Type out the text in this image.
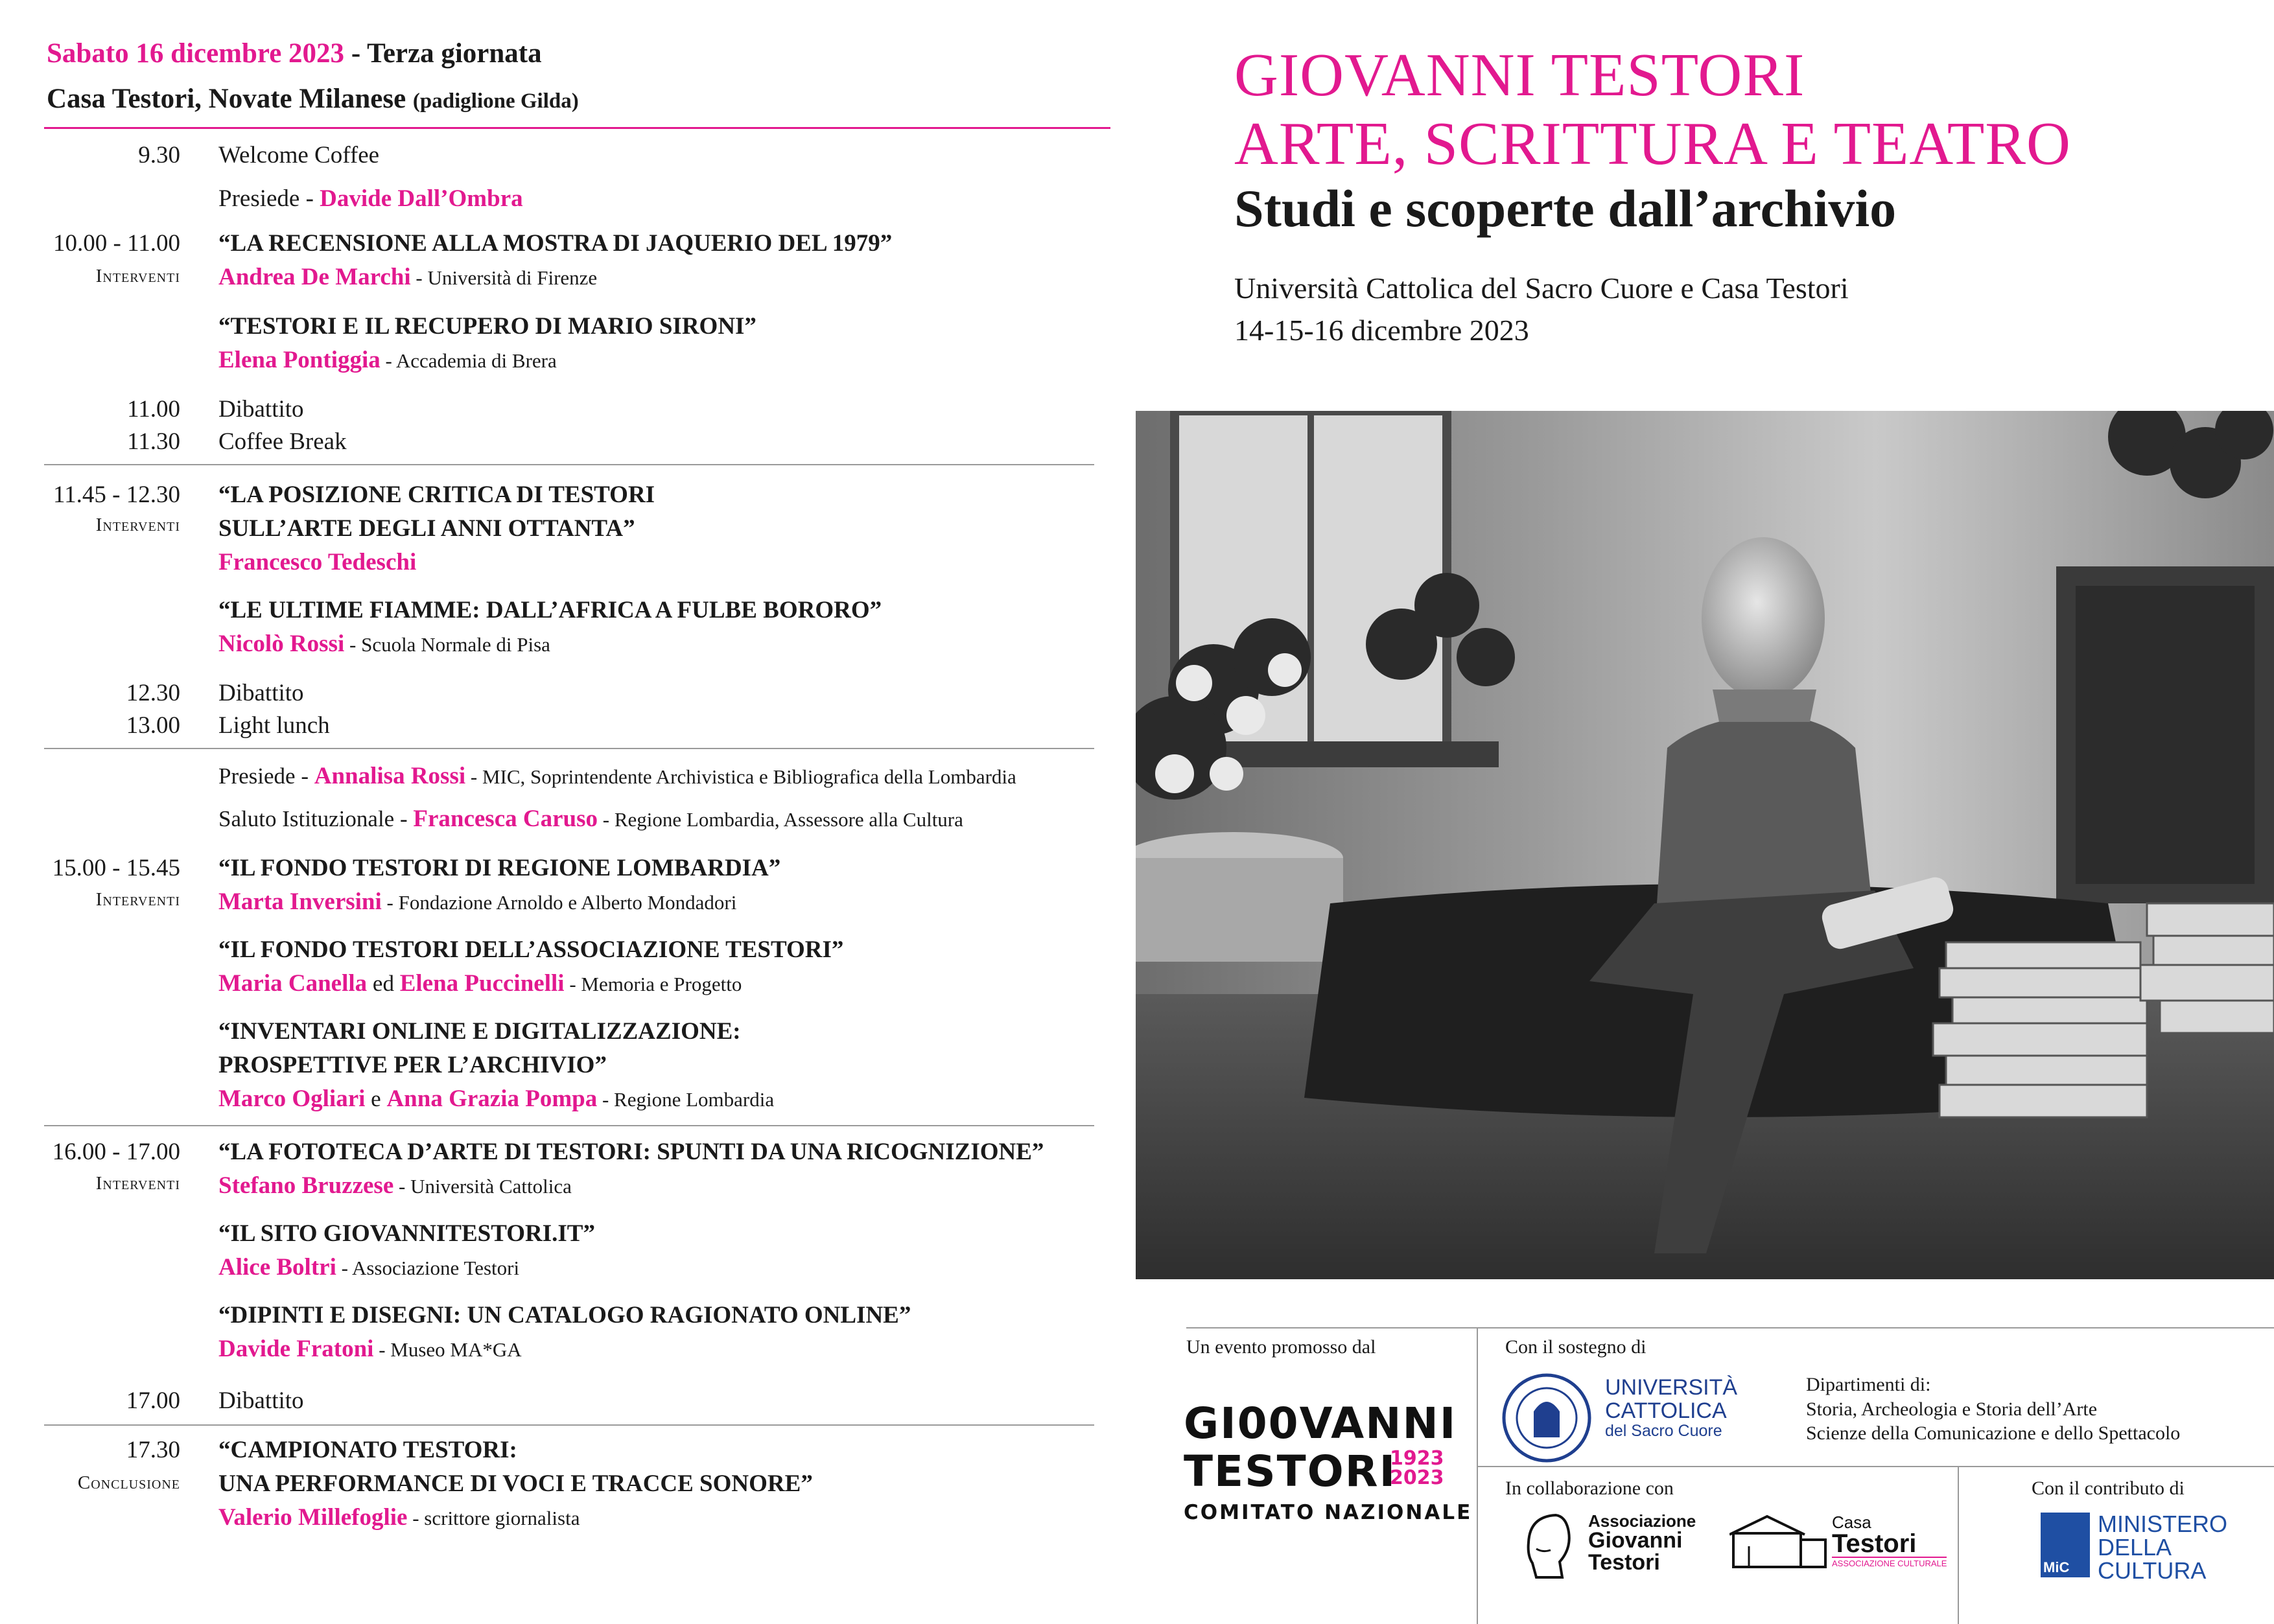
Sabato 16 dicembre 2023 - Terza giornata
Casa Testori, Novate Milanese (padiglione Gilda)
9.30 Welcome Coffee
Presiede - Davide Dall’Ombra
10.00 - 11.00
Interventi
“LA RECENSIONE ALLA MOSTRA DI JAQUERIO DEL 1979”
Andrea De Marchi - Università di Firenze
“TESTORI E IL RECUPERO DI MARIO SIRONI”
Elena Pontiggia - Accademia di Brera
11.00 Dibattito
11.30 Coffee Break
11.45 - 12.30
Interventi
“LA POSIZIONE CRITICA DI TESTORI
SULL’ARTE DEGLI ANNI OTTANTA”
Francesco Tedeschi
“LE ULTIME FIAMME: DALL’AFRICA A FULBE BORORO”
Nicolò Rossi - Scuola Normale di Pisa
12.30 Dibattito
13.00 Light lunch
Presiede - Annalisa Rossi - MIC, Soprintendente Archivistica e Bibliografica della Lombardia
Saluto Istituzionale - Francesca Caruso - Regione Lombardia, Assessore alla Cultura
15.00 - 15.45
Interventi
“IL FONDO TESTORI DI REGIONE LOMBARDIA”
Marta Inversini - Fondazione Arnoldo e Alberto Mondadori
“IL FONDO TESTORI DELL’ASSOCIAZIONE TESTORI”
Maria Canella ed Elena Puccinelli - Memoria e Progetto
“INVENTARI ONLINE E DIGITALIZZAZIONE:
PROSPETTIVE PER L’ARCHIVIO”
Marco Ogliari e Anna Grazia Pompa - Regione Lombardia
16.00 - 17.00
Interventi
“LA FOTOTECA D’ARTE DI TESTORI: SPUNTI DA UNA RICOGNIZIONE”
Stefano Bruzzese - Università Cattolica
“IL SITO GIOVANNITESTORI.IT”
Alice Boltri - Associazione Testori
“DIPINTI E DISEGNI: UN CATALOGO RAGIONATO ONLINE”
Davide Fratoni - Museo MA*GA
17.00 Dibattito
17.30
Conclusione
“CAMPIONATO TESTORI:
UNA PERFORMANCE DI VOCI E TRACCE SONORE”
Valerio Millefoglie - scrittore giornalista
GIOVANNI TESTORI
ARTE, SCRITTURA E TEATRO
Studi e scoperte dall’archivio
Università Cattolica del Sacro Cuore e Casa Testori
14-15-16 dicembre 2023
Un evento promosso dal
GI00VANNI
TESTORI
1923
2023
COMITATO NAZIONALE
Con il sostegno di
UNIVERSITÀ
CATTOLICA
del Sacro Cuore
Dipartimenti di:
Storia, Archeologia e Storia dell’Arte
Scienze della Comunicazione e dello Spettacolo
In collaborazione con
Associazione
Giovanni
Testori
Casa
Testori
ASSOCIAZIONE CULTURALE
Con il contributo di
MiC
MINISTERO
DELLA
CULTURA
